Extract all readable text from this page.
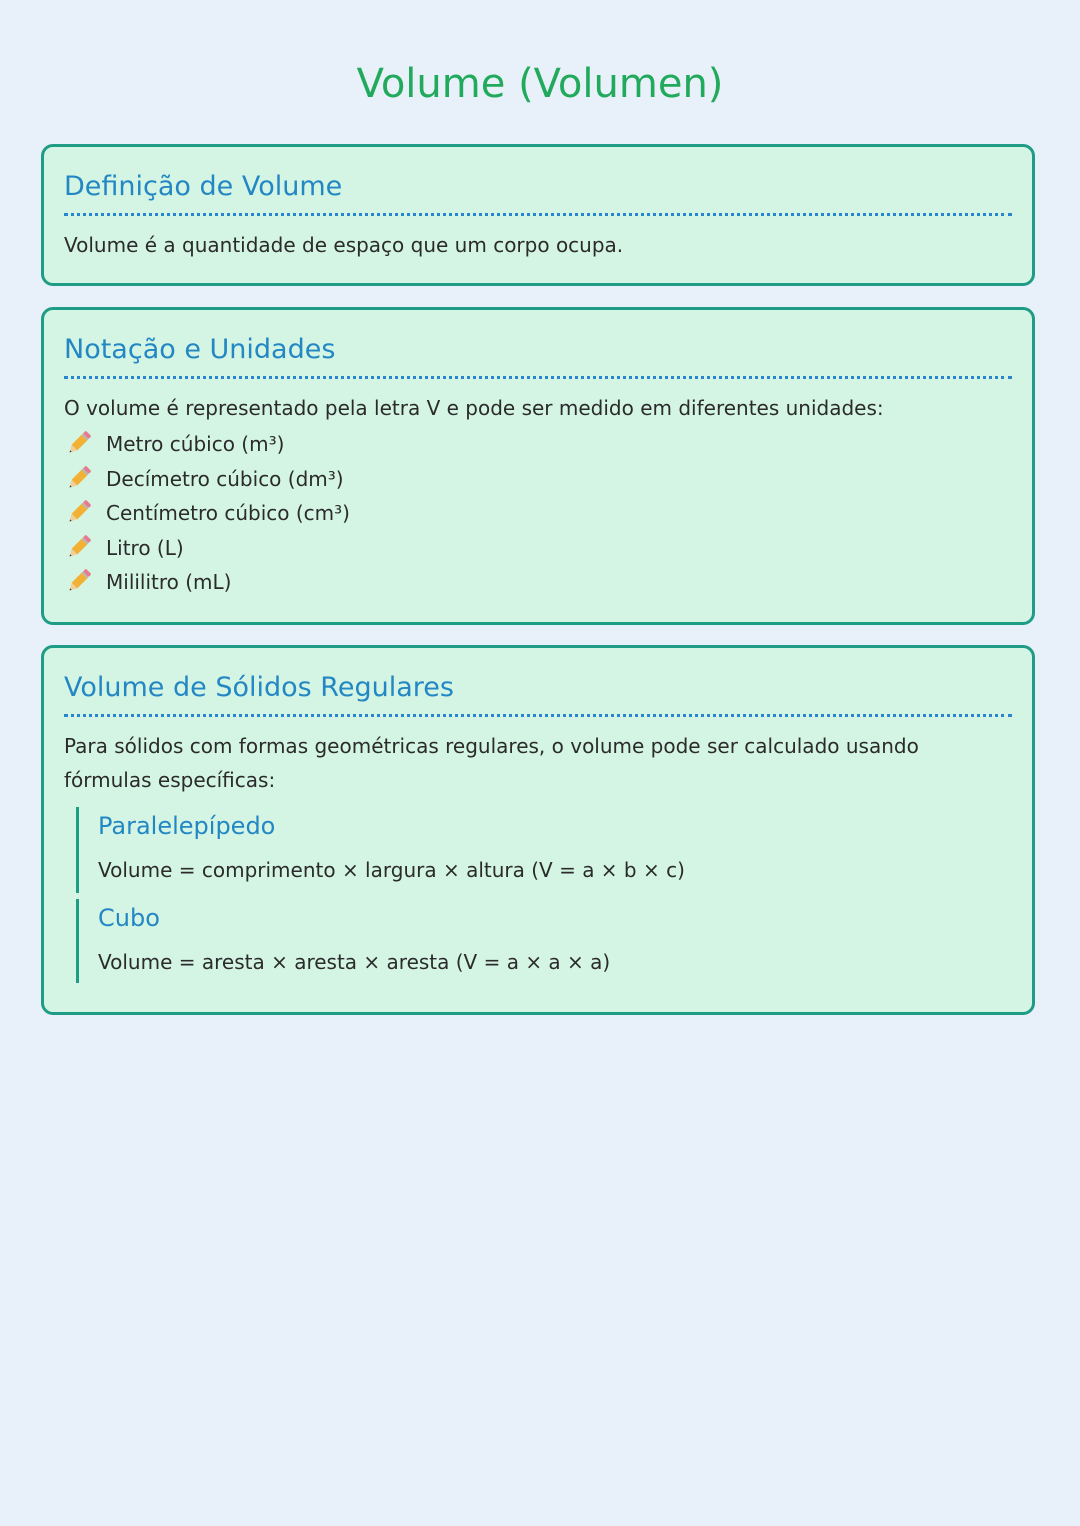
Volume (Volumen)
Definição de Volume
Volume é a quantidade de espaço que um corpo ocupa.
Notação e Unidades
O volume é representado pela letra V e pode ser medido em diferentes unidades:
Metro cúbico (m³)
Decímetro cúbico (dm³)
Centímetro cúbico (cm³)
Litro (L)
Mililitro (mL)
Volume de Sólidos Regulares
Para sólidos com formas geométricas regulares, o volume pode ser calculado usando fórmulas específicas:
Paralelepípedo
Volume = comprimento × largura × altura (V = a × b × c)
Cubo
Volume = aresta × aresta × aresta (V = a × a × a)
